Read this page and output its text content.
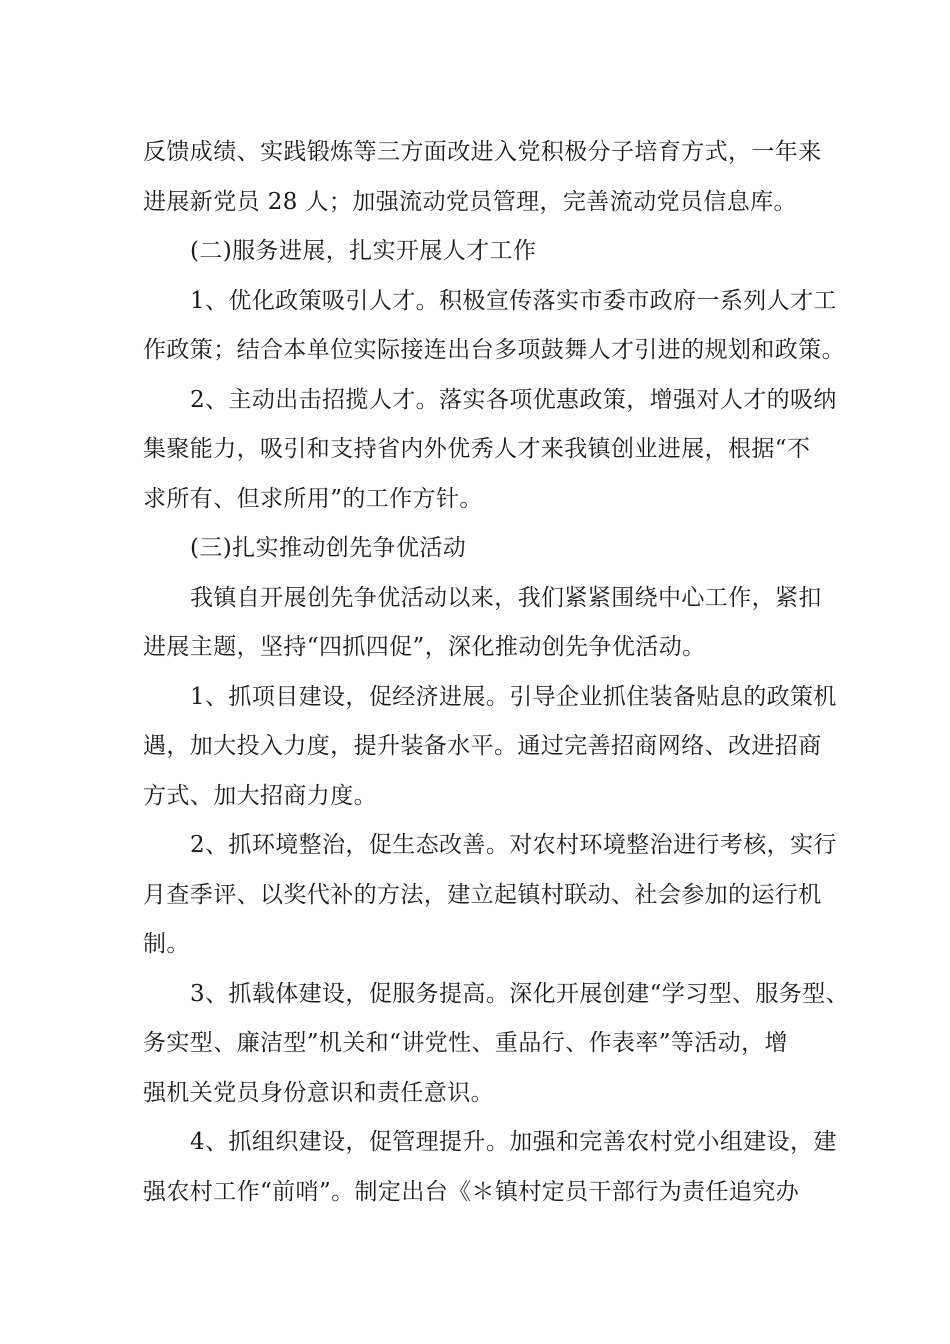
反馈成绩、实践锻炼等三方面改进入党积极分子培育方式，一年来
进展新党员 28 人；加强流动党员管理，完善流动党员信息库。
(二)服务进展，扎实开展人才工作
1、优化政策吸引人才。积极宣传落实市委市政府一系列人才工
作政策；结合本单位实际接连出台多项鼓舞人才引进的规划和政策。
2、主动出击招揽人才。落实各项优惠政策，增强对人才的吸纳
集聚能力，吸引和支持省内外优秀人才来我镇创业进展，根据“不
求所有、但求所用”的工作方针。
(三)扎实推动创先争优活动
我镇自开展创先争优活动以来，我们紧紧围绕中心工作，紧扣
进展主题，坚持“四抓四促”，深化推动创先争优活动。
1、抓项目建设，促经济进展。引导企业抓住装备贴息的政策机
遇，加大投入力度，提升装备水平。通过完善招商网络、改进招商
方式、加大招商力度。
2、抓环境整治，促生态改善。对农村环境整治进行考核，实行
月查季评、以奖代补的方法，建立起镇村联动、社会参加的运行机
制。
3、抓载体建设，促服务提高。深化开展创建“学习型、服务型、
务实型、廉洁型”机关和“讲党性、重品行、作表率”等活动，增
强机关党员身份意识和责任意识。
4、抓组织建设，促管理提升。加强和完善农村党小组建设，建
强农村工作“前哨”。制定出台《＊镇村定员干部行为责任追究办
